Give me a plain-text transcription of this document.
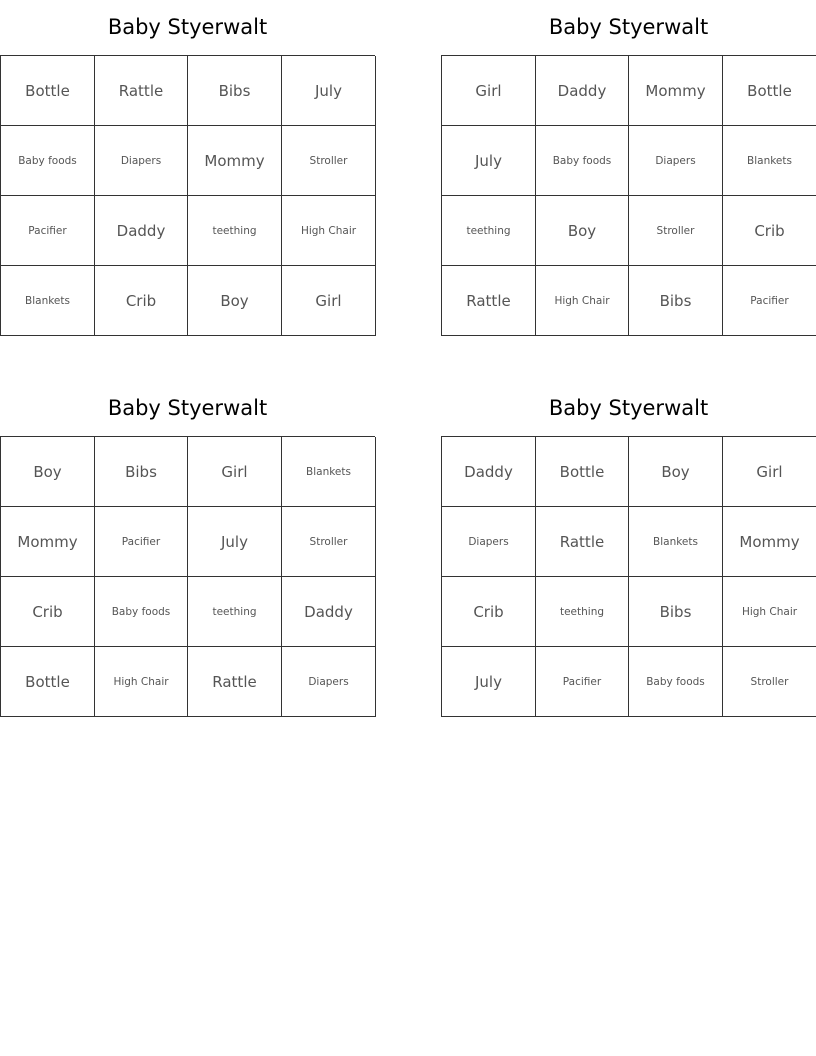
Baby Styerwalt
Bottle	Rattle	Bibs	July
Baby foods	Diapers	Mommy	Stroller
Pacifier	Daddy	teething	High Chair
Blankets	Crib	Boy	Girl
Baby Styerwalt
Girl	Daddy	Mommy	Bottle
July	Baby foods	Diapers	Blankets
teething	Boy	Stroller	Crib
Rattle	High Chair	Bibs	Pacifier
Baby Styerwalt
Boy	Bibs	Girl	Blankets
Mommy	Pacifier	July	Stroller
Crib	Baby foods	teething	Daddy
Bottle	High Chair	Rattle	Diapers
Baby Styerwalt
Daddy	Bottle	Boy	Girl
Diapers	Rattle	Blankets	Mommy
Crib	teething	Bibs	High Chair
July	Pacifier	Baby foods	Stroller
